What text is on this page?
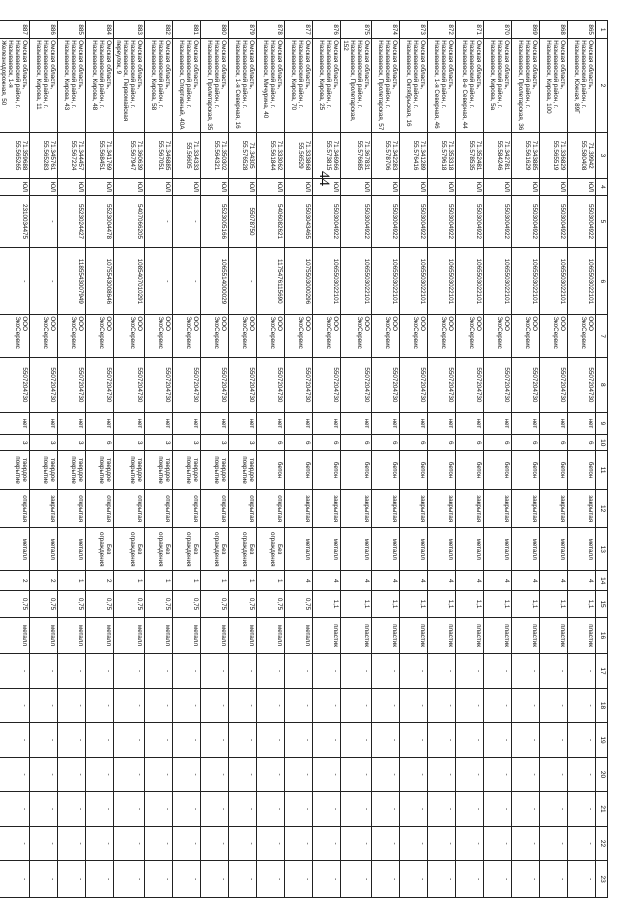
44
1	2	3	4	5	6	7	8	9	10	11	12	13	14	15	16	17	18	19	20	21	22	23
865	Омская область, Называевский район, г. Называевск, Южная, 89Г	71.39942 55.580408	ЮЛ	5503004922	1065503022101	ООО ЭкоСервис	5507204730	нет	6	бетон	закрытая	металл	4	1,1	пластик	-	-	-	-	-	-	-
868	Омская область, Называевский район, г. Называевск, Кирова, 100	71.336829 55.565519	ЮЛ	5503004922	1065503022101	ООО ЭкоСервис	5507204730	нет	6	бетон	закрытая	металл	4	1,1	пластик	-	-	-	-	-	-	-
869	Омская область, Называевский район, г. Называевск, Пролетарская, 36	71.343885 55.561629	ЮЛ	5503004922	1065503022101	ООО ЭкоСервис	5507204730	нет	6	бетон	закрытая	металл	4	1,1	пластик	-	-	-	-	-	-	-
870	Омская область, Называевский район, г. Называевск, Кирова, 5а	71.342781 55.584246	ЮЛ	5503004922	1065503022101	ООО ЭкоСервис	5507204730	нет	6	бетон	закрытая	металл	4	1,1	пластик	-	-	-	-	-	-	-
871	Омская область, Называевский район, г. Называевск, 8-е Северная, 44	71.352481 55.578535	ЮЛ	5503004922	1065503022101	ООО ЭкоСервис	5507204730	нет	6	бетон	закрытая	металл	4	1,1	пластик	-	-	-	-	-	-	-
872	Омская область, Называевский район, г. Называевск, 1-я Северная, 46	71.353318 55.579618	ЮЛ	5503004922	1065503022101	ООО ЭкоСервис	5507204730	нет	6	бетон	закрытая	металл	4	1,1	пластик	-	-	-	-	-	-	-
873	Омская область, Называевский район, г. Называевск, Октябрьская, 16	71.341289 55.576416	ЮЛ	5503004922	1065503022101	ООО ЭкоСервис	5507204730	нет	6	бетон	закрытая	металл	4	1,1	пластик	-	-	-	-	-	-	-
874	Омская область, Называевский район, г. Называевск, Пролетарская, 57	71.342283 55.578706	ЮЛ	5503004922	1065503022101	ООО ЭкоСервис	5507204730	нет	6	бетон	закрытая	металл	4	1,1	пластик	-	-	-	-	-	-	-
875	Омская область, Называевский район, г. Называевск, Пролетарская, 152	71.367831 55.576685	ЮЛ	5503004922	1065503022101	ООО ЭкоСервис	5507204730	нет	6	бетон	закрытая	металл	4	1,1	пластик	-	-	-	-	-	-	-
876	Омская область, Называевский район, г. Называевск, Кирова, 25	71.346966 55.573815	ЮЛ	5503004922	1065503022101	ООО ЭкоСервис	5507204730	нет	6	бетон	закрытая	металл	4	1,1	пластик	-	-	-	-	-	-	-
877	Омская область, Называевский район, г. Называевск, Кирова, 70	71.333868 55.56529	ЮЛ	5503043465	1075503000296	ООО ЭкоСервис	5507204730	нет	6	бетон	закрытая	металл	4	0,75	металл	-	-	-	-	-	-	-
878	Омская область, Называевский район, г. Называевск, Мичурина, 40	71.333062 55.561844	ЮЛ	5406082621	1175476115690	ООО ЭкоСервис	5507204730	нет	6	бетон	открытая	Без ограждения	1	0,75	металл	-	-	-	-	-	-	-
879	Омская область, Называевский район, г. Называевск, 1-я Северная, 16	71.34305 55.576528	ЮЛ	55078750	-	ООО ЭкоСервис	5507204730	нет	3	твердое покрытие	открытая	Без ограждения	1	0,75	металл	-	-	-	-	-	-	-
880	Омская область, Называевский район, г. Называевск, Пролетарская, 35	71.350302 55.564321	ЮЛ	5523005166	1065514000029	ООО ЭкоСервис	5507204730	нет	3	твердое покрытие	открытая	Без ограждения	1	0,75	металл	-	-	-	-	-	-	-
881	Омская область, Называевский район, г. Называевск, Спортивный, 40А	71.334333 55.56605	ЮЛ	-	-	ООО ЭкоСервис	5507204730	нет	3	твердое покрытие	открытая	Без ограждения	1	0,75	металл	-	-	-	-	-	-	-
882	Омская область, Называевский район, г. Называевск, Кирова, 58	71.346885 55.567051	ЮЛ	-	-	ООО ЭкоСервис	5507204730	нет	3	твердое покрытие	открытая	Без ограждения	1	0,75	металл	-	-	-	-	-	-	-
883	Омская область, Называевский район, г. Называевск, Первомайская переулок, 9	71.360639 55.567947	ЮЛ	5407066205	1085407010291	ООО ЭкоСервис	5507204730	нет	3	твердое покрытие	открытая	Без ограждения	1	0,75	металл	-	-	-	-	-	-	-
884	Омская область, Называевский район, г. Называевск, Кирова, 48	71.341769 55.568451	ЮЛ	5523004478	1075543008646	ООО ЭкоСервис	5507204730	нет	6	твердое покрытие	открытая	Без ограждения	2	0,75	металл	-	-	-	-	-	-	-
885	Омская область, Называевский район, г. Называевск, Кирова, 43	71.344457 55.567224	ЮЛ	5523024427	1185543007949	ООО ЭкоСервис	5507204730	нет	3	твердое покрытие	открытая	металл	1	0,75	металл	-	-	-	-	-	-	-
886	Омская область, Называевский район, г. Называевск, Кирова, 11	71.345761 55.565283	ЮЛ	-	-	ООО ЭкоСервис	5507204730	нет	3	твердое покрытие	закрытая	металл	2	0,75	металл	-	-	-	-	-	-	-
887	Омская область, Называевский район, г. Называевск, 1-я Железнодорожная, 50	71.359688 55.565265	ЮЛ	2310034475	-	ООО ЭкоСервис	5507204730	нет	3	твердое покрытие	открытая	металл	2	0,75	металл	-	-	-	-	-	-	-
